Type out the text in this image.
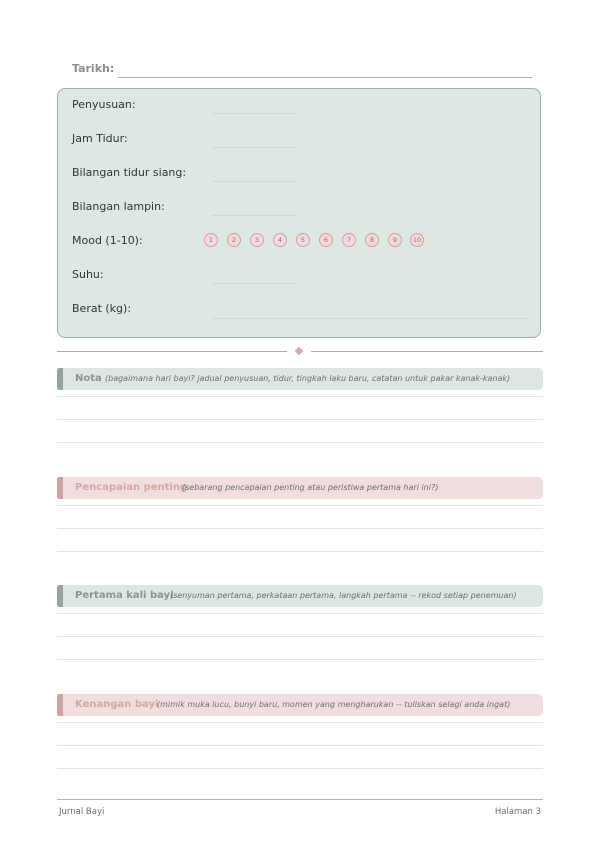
Tarikh:
Penyusuan:
Jam Tidur:
Bilangan tidur siang:
Bilangan lampin:
Mood (1-10):	1	2	3	4	5	6	7	8	9	10
Suhu:
Berat (kg):
Nota (bagaimana hari bayi? jadual penyusuan, tidur, tingkah laku baru, catatan untuk pakar kanak-kanak)
Pencapaian penting
(sebarang pencapaian penting atau peristiwa pertama hari ini?)
Pertama kali bayi
(senyuman pertama, perkataan pertama, langkah pertama -- rekod setiap penemuan)
Kenangan bayi
(mimik muka lucu, bunyi baru, momen yang mengharukan -- tuliskan selagi anda ingat)
Jurnal Bayi	Halaman 3
